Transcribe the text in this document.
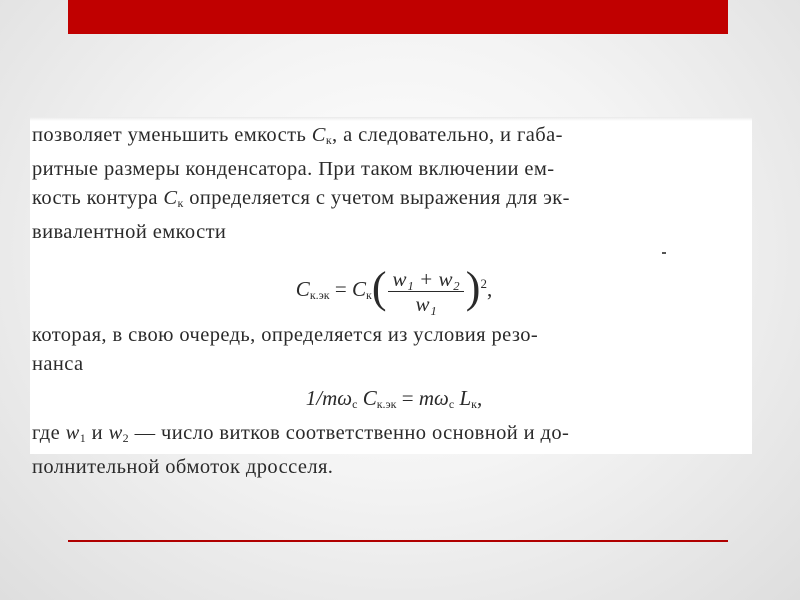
позволяет уменьшить емкость $C_к$, а следовательно, и габа-

ритные размеры конденсатора. При таком включении ем-

кость контура $C_к$ определяется с учетом выражения для эк-

вивалентной емкости

$C_{к.эк} = C_к( \frac{\text{w₁ + w₂}}{\text{w₁}} )^2$,

которая, в свою очередь, определяется из условия резо-

нанса

$1/m\omega_с$ $C_{к.эк} = m\omega_с$ $L_к$,

где $w_1$ и $w_2$ — число витков соответственно основной и до-

полнительной обмоток дросселя.
